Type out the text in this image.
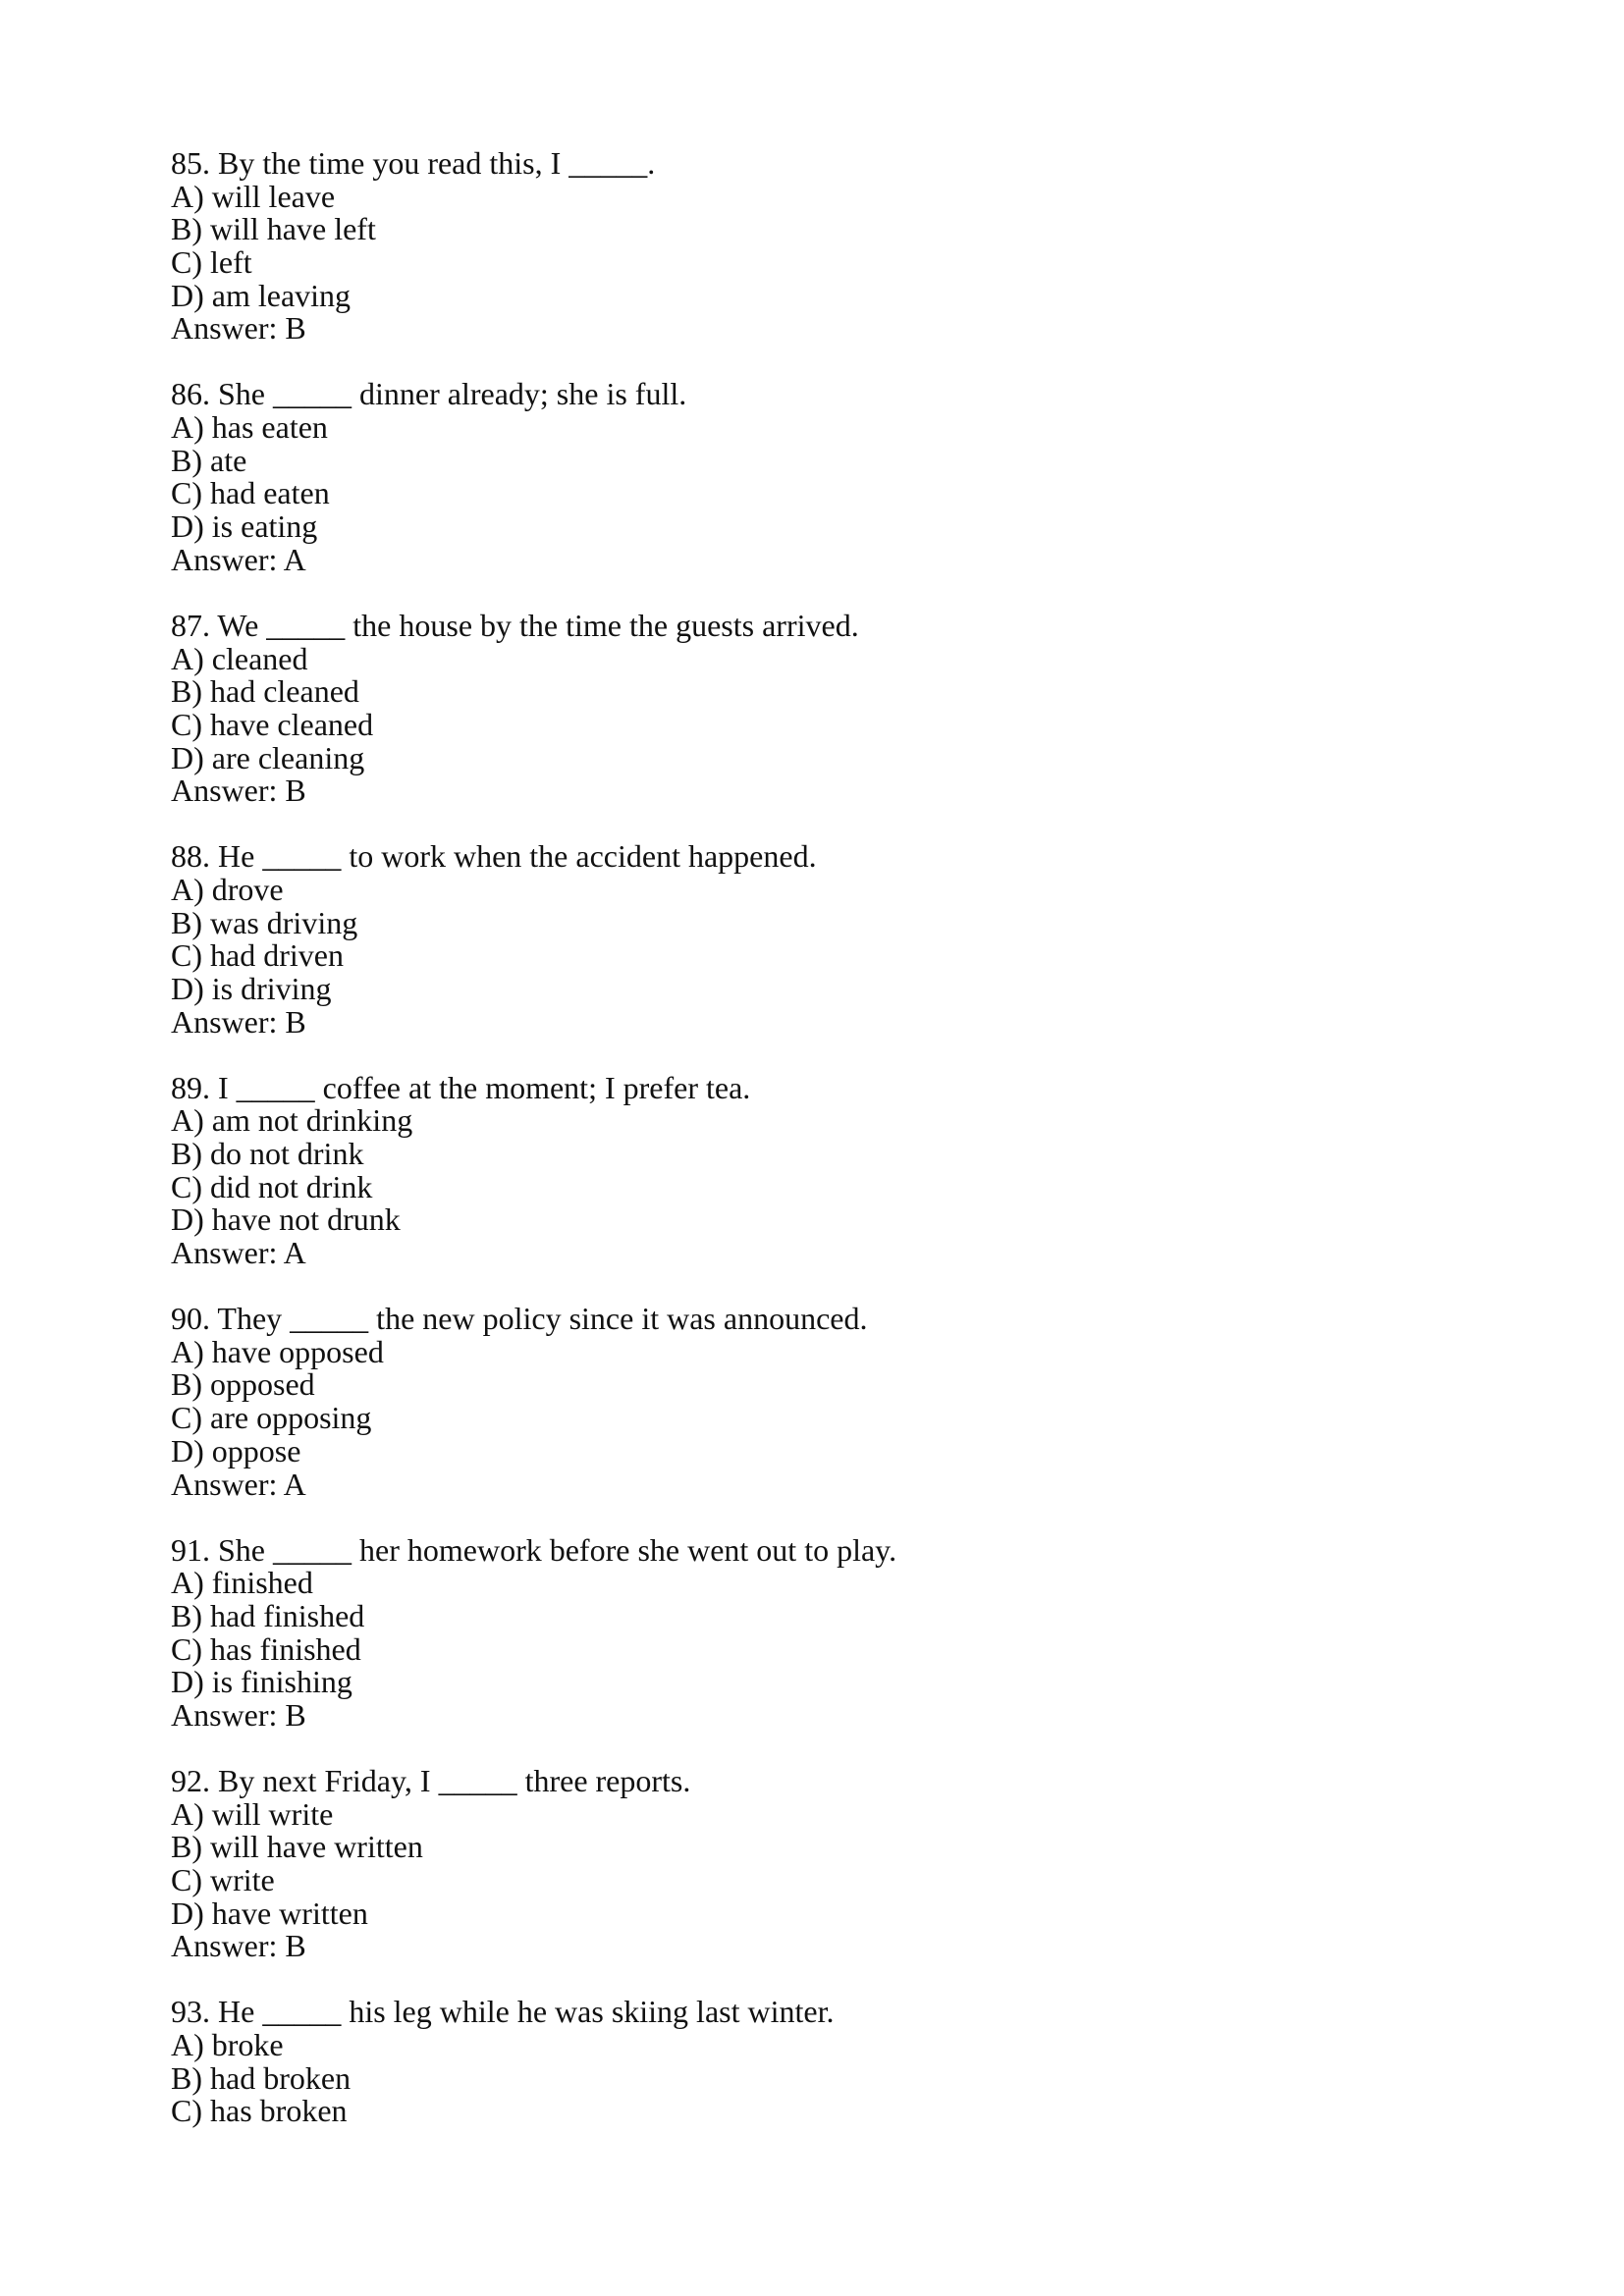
85. By the time you read this, I _____.
A) will leave
B) will have left
C) left
D) am leaving
Answer: B
86. She _____ dinner already; she is full.
A) has eaten
B) ate
C) had eaten
D) is eating
Answer: A
87. We _____ the house by the time the guests arrived.
A) cleaned
B) had cleaned
C) have cleaned
D) are cleaning
Answer: B
88. He _____ to work when the accident happened.
A) drove
B) was driving
C) had driven
D) is driving
Answer: B
89. I _____ coffee at the moment; I prefer tea.
A) am not drinking
B) do not drink
C) did not drink
D) have not drunk
Answer: A
90. They _____ the new policy since it was announced.
A) have opposed
B) opposed
C) are opposing
D) oppose
Answer: A
91. She _____ her homework before she went out to play.
A) finished
B) had finished
C) has finished
D) is finishing
Answer: B
92. By next Friday, I _____ three reports.
A) will write
B) will have written
C) write
D) have written
Answer: B
93. He _____ his leg while he was skiing last winter.
A) broke
B) had broken
C) has broken
